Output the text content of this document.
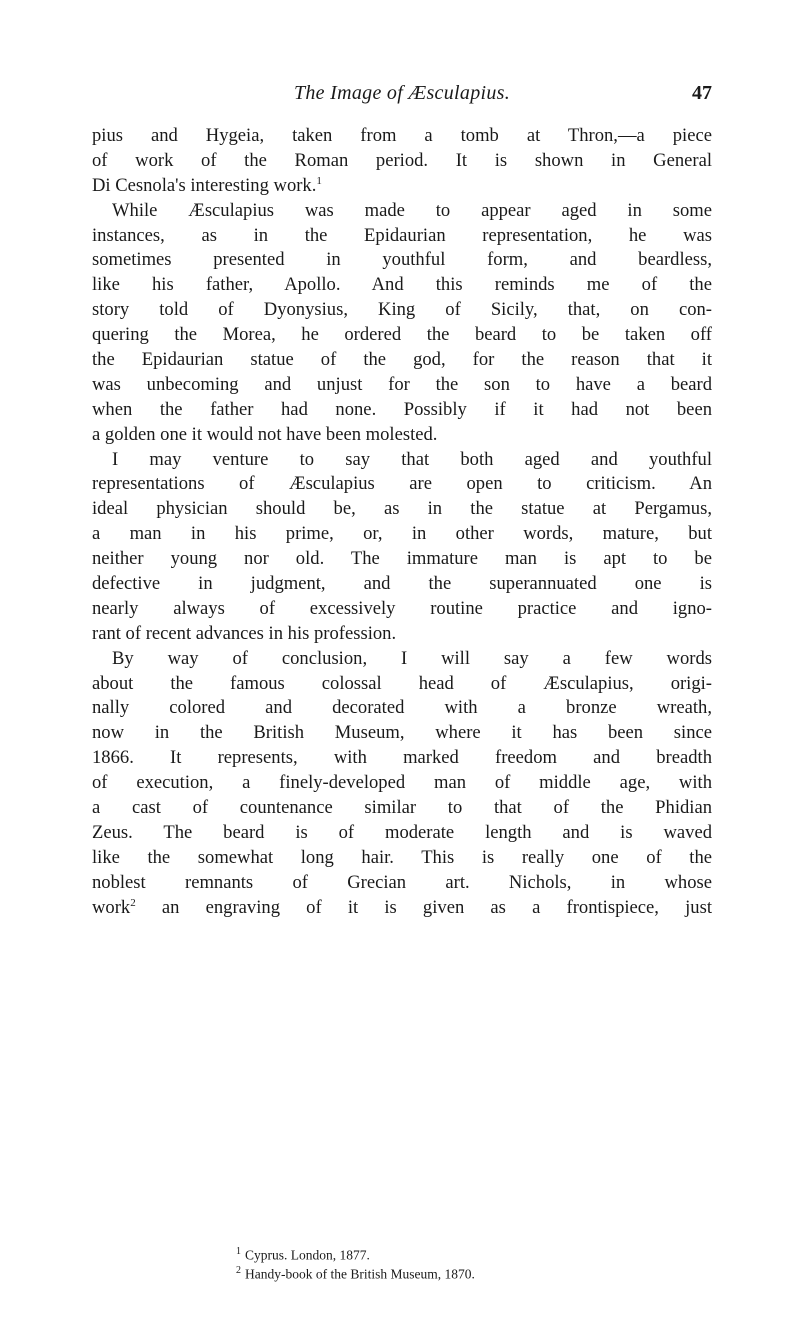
The Image of Æsculapius.	47
pius and Hygeia, taken from a tomb at Thron,—a piece
of work of the Roman period. It is shown in General
Di Cesnola's interesting work.$^1$
While Æsculapius was made to appear aged in some
instances, as in the Epidaurian representation, he was
sometimes presented in youthful form, and beardless,
like his father, Apollo. And this reminds me of the
story told of Dyonysius, King of Sicily, that, on con-
quering the Morea, he ordered the beard to be taken off
the Epidaurian statue of the god, for the reason that it
was unbecoming and unjust for the son to have a beard
when the father had none. Possibly if it had not been
a golden one it would not have been molested.
I may venture to say that both aged and youthful
representations of Æsculapius are open to criticism. An
ideal physician should be, as in the statue at Pergamus,
a man in his prime, or, in other words, mature, but
neither young nor old. The immature man is apt to be
defective in judgment, and the superannuated one is
nearly always of excessively routine practice and igno-
rant of recent advances in his profession.
By way of conclusion, I will say a few words
about the famous colossal head of Æsculapius, origi-
nally colored and decorated with a bronze wreath,
now in the British Museum, where it has been since
1866. It represents, with marked freedom and breadth
of execution, a finely-developed man of middle age, with
a cast of countenance similar to that of the Phidian
Zeus. The beard is of moderate length and is waved
like the somewhat long hair. This is really one of the
noblest remnants of Grecian art. Nichols, in whose
work$^2$ an engraving of it is given as a frontispiece, just
$^1$ Cyprus. London, 1877.
$^2$ Handy-book of the British Museum, 1870.
